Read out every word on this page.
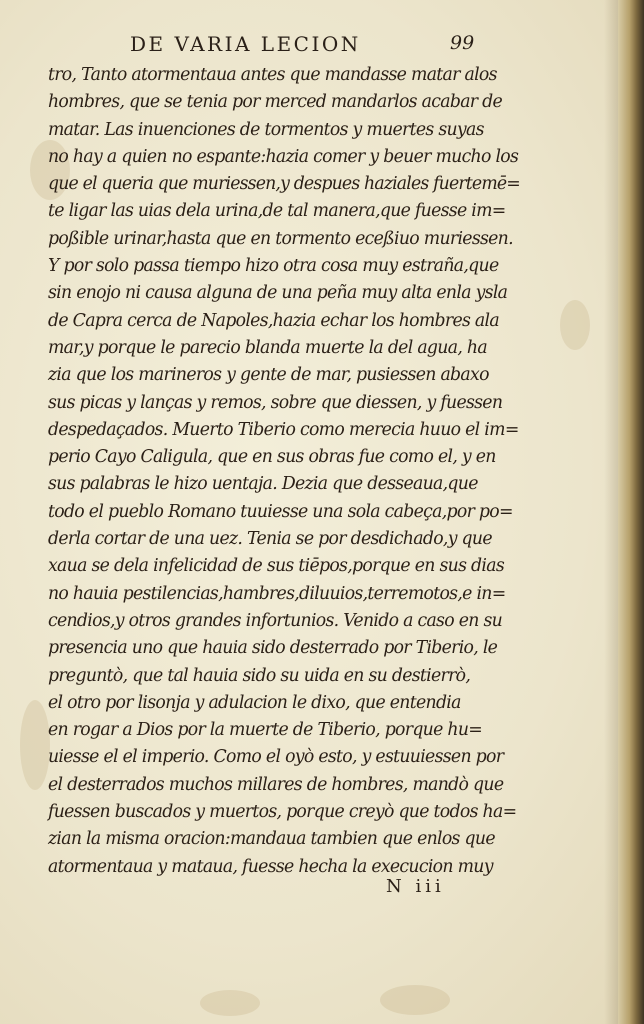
DE VARIA LECION	99
tro, Tanto atormentaua antes que mandasse matar alos
hombres, que se tenia por merced mandarlos acabar de
matar. Las inuenciones de tormentos y muertes suyas
no hay a quien no espante:hazia comer y beuer mucho los
que el queria que muriessen,y despues haziales fuertemē=
te ligar las uias dela urina,de tal manera,que fuesse im=
poßible urinar,hasta que en tormento eceßiuo muriessen.
Y por solo passa tiempo hizo otra cosa muy estraña,que
sin enojo ni causa alguna de una peña muy alta enla ysla
de Capra cerca de Napoles,hazia echar los hombres ala
mar,y porque le parecio blanda muerte la del agua, ha
zia que los marineros y gente de mar, pusiessen abaxo
sus picas y lanças y remos, sobre que diessen, y fuessen
despedaçados. Muerto Tiberio como merecia huuo el im=
perio Cayo Caligula, que en sus obras fue como el, y en
sus palabras le hizo uentaja. Dezia que desseaua,que
todo el pueblo Romano tuuiesse una sola cabeça,por po=
derla cortar de una uez. Tenia se por desdichado,y que
xaua se dela infelicidad de sus tiēpos,porque en sus dias
no hauia pestilencias,hambres,diluuios,terremotos,e in=
cendios,y otros grandes infortunios. Venido a caso en su
presencia uno que hauia sido desterrado por Tiberio, le
preguntò, que tal hauia sido su uida en su destierrò,
el otro por lisonja y adulacion le dixo, que entendia
en rogar a Dios por la muerte de Tiberio, porque hu=
uiesse el el imperio. Como el oyò esto, y estuuiessen por
el desterrados muchos millares de hombres, mandò que
fuessen buscados y muertos, porque creyò que todos ha=
zian la misma oracion:mandaua tambien que enlos que
atormentaua y mataua, fuesse hecha la execucion muy
N iii
